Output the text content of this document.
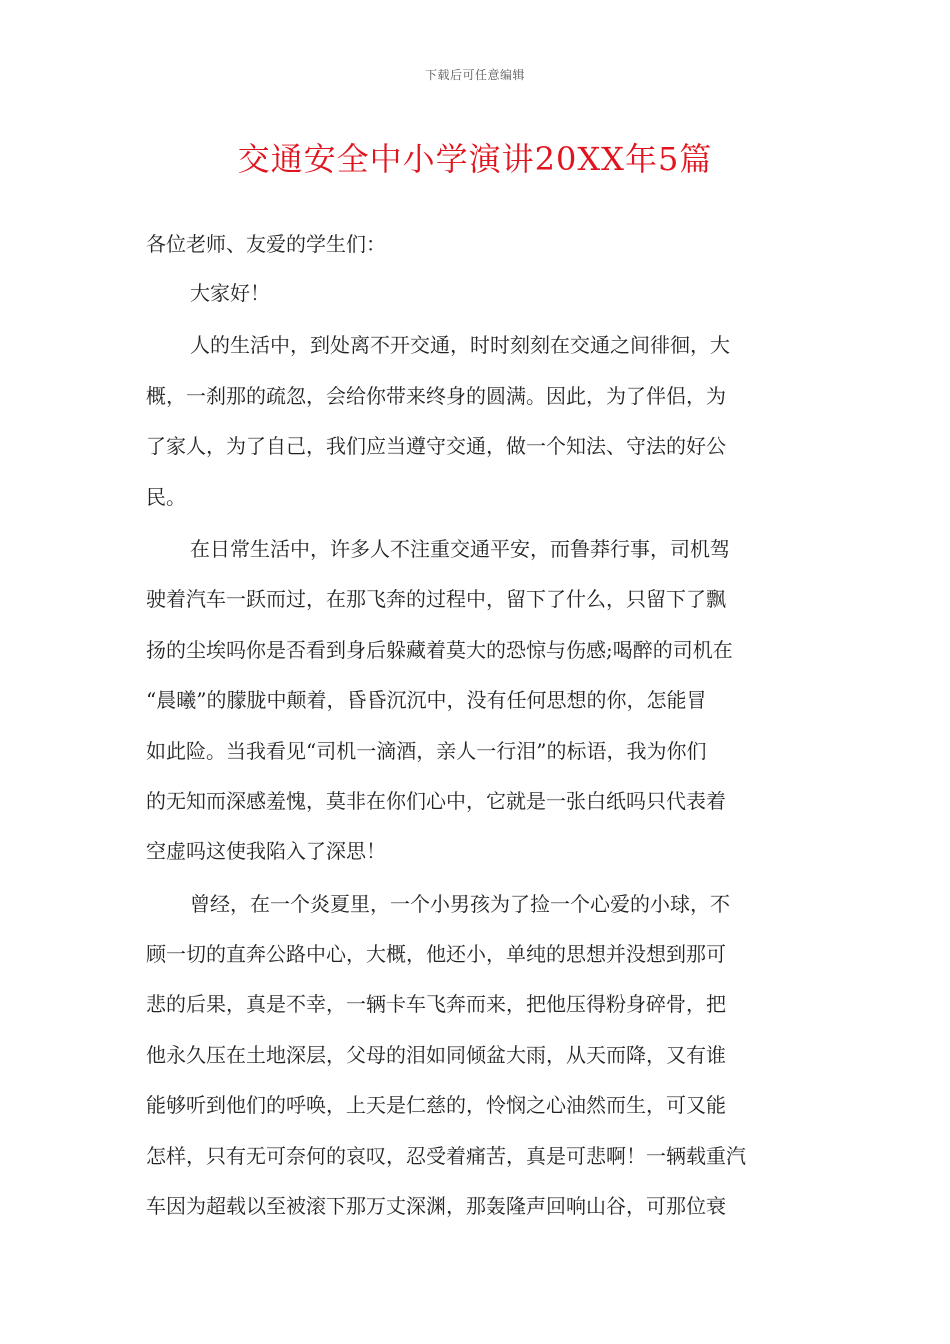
下载后可任意编辑
交通安全中小学演讲20XX年5篇
各位老师、友爱的学生们：
大家好！
人的生活中，到处离不开交通，时时刻刻在交通之间徘徊，大
概，一刹那的疏忽，会给你带来终身的圆满。因此，为了伴侣，为
了家人，为了自己，我们应当遵守交通，做一个知法、守法的好公
民。
在日常生活中，许多人不注重交通平安，而鲁莽行事，司机驾
驶着汽车一跃而过，在那飞奔的过程中，留下了什么，只留下了飘
扬的尘埃吗你是否看到身后躲藏着莫大的恐惊与伤感;喝醉的司机在
“晨曦”的朦胧中颠着，昏昏沉沉中，没有任何思想的你，怎能冒
如此险。当我看见“司机一滴酒，亲人一行泪”的标语，我为你们
的无知而深感羞愧，莫非在你们心中，它就是一张白纸吗只代表着
空虚吗这使我陷入了深思！
曾经，在一个炎夏里，一个小男孩为了捡一个心爱的小球，不
顾一切的直奔公路中心，大概，他还小，单纯的思想并没想到那可
悲的后果，真是不幸，一辆卡车飞奔而来，把他压得粉身碎骨，把
他永久压在土地深层，父母的泪如同倾盆大雨，从天而降，又有谁
能够听到他们的呼唤，上天是仁慈的，怜悯之心油然而生，可又能
怎样，只有无可奈何的哀叹，忍受着痛苦，真是可悲啊！一辆载重汽
车因为超载以至被滚下那万丈深渊，那轰隆声回响山谷，可那位衰
